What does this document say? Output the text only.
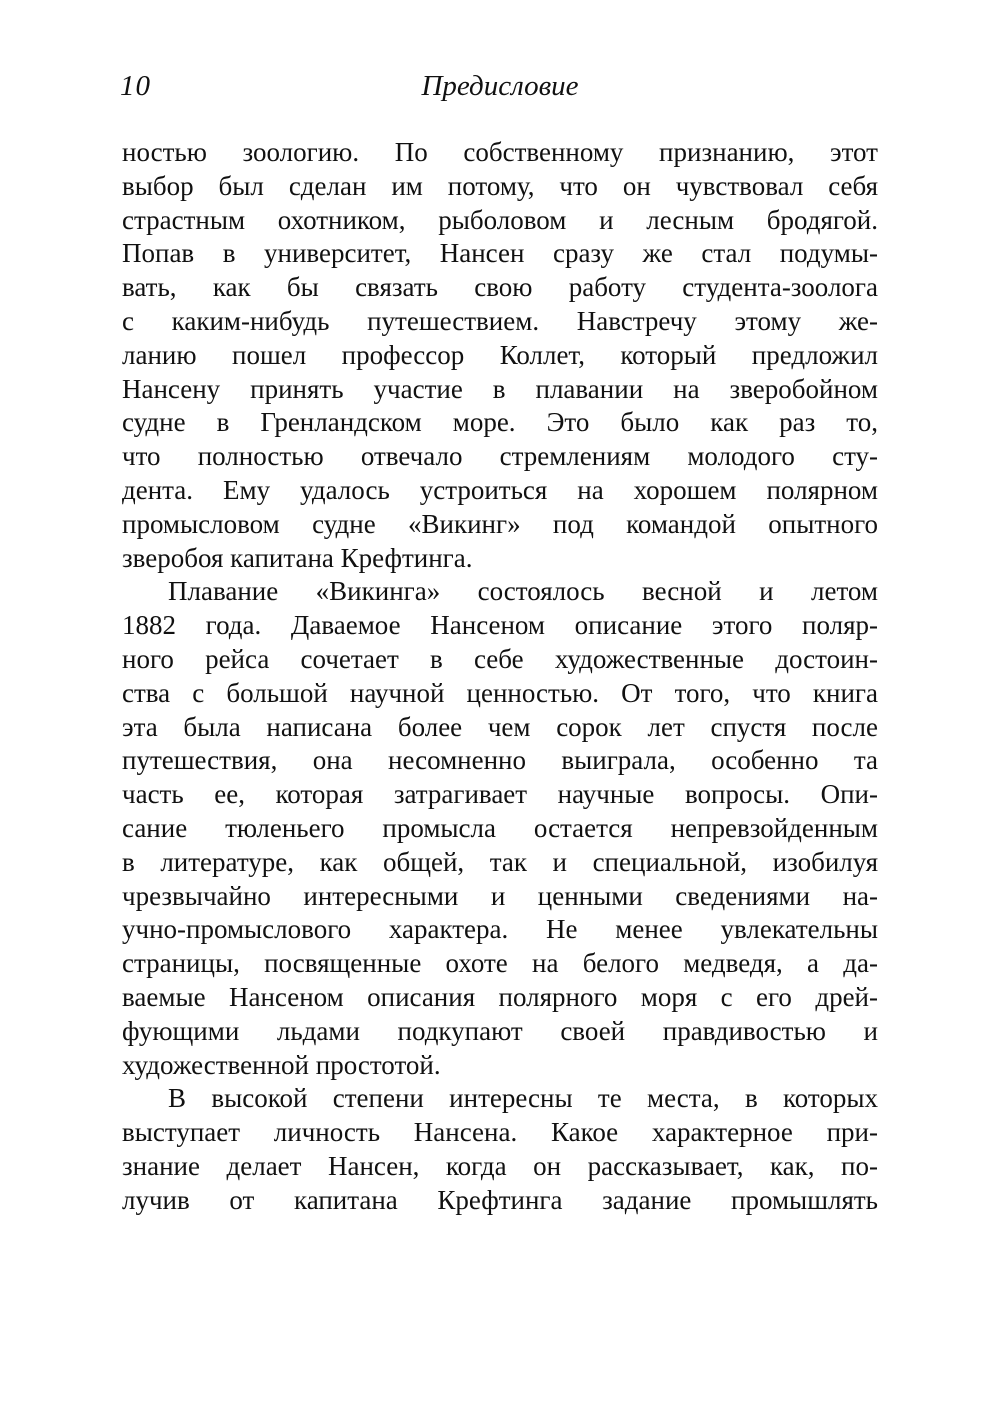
10	Предисловие
ностью зоологию. По собственному признанию, этот
выбор был сделан им потому, что он чувствовал себя
страстным охотником, рыболовом и лесным бродягой.
Попав в университет, Нансен сразу же стал подумы-
вать, как бы связать свою работу студента-зоолога
с каким-нибудь путешествием. Навстречу этому же-
ланию пошел профессор Коллет, который предложил
Нансену принять участие в плавании на зверобойном
судне в Гренландском море. Это было как раз то,
что полностью отвечало стремлениям молодого сту-
дента. Ему удалось устроиться на хорошем полярном
промысловом судне «Викинг» под командой опытного
зверобоя капитана Крефтинга.
Плавание «Викинга» состоялось весной и летом
1882 года. Даваемое Нансеном описание этого поляр-
ного рейса сочетает в себе художественные достоин-
ства с большой научной ценностью. От того, что книга
эта была написана более чем сорок лет спустя после
путешествия, она несомненно выиграла, особенно та
часть ее, которая затрагивает научные вопросы. Опи-
сание тюленьего промысла остается непревзойденным
в литературе, как общей, так и специальной, изобилуя
чрезвычайно интересными и ценными сведениями на-
учно-промыслового характера. Не менее увлекательны
страницы, посвященные охоте на белого медведя, а да-
ваемые Нансеном описания полярного моря с его дрей-
фующими льдами подкупают своей правдивостью и
художественной простотой.
В высокой степени интересны те места, в которых
выступает личность Нансена. Какое характерное при-
знание делает Нансен, когда он рассказывает, как, по-
лучив от капитана Крефтинга задание промышлять
